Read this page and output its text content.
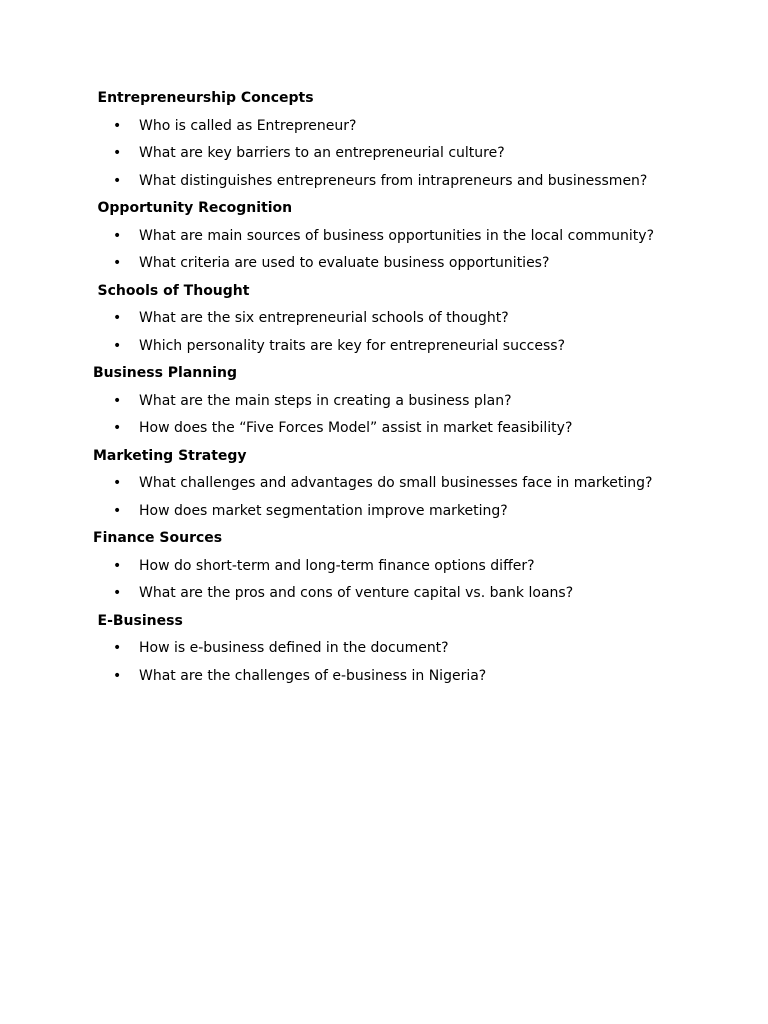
Entrepreneurship Concepts
• Who is called as Entrepreneur?
• What are key barriers to an entrepreneurial culture?
• What distinguishes entrepreneurs from intrapreneurs and businessmen?
Opportunity Recognition
• What are main sources of business opportunities in the local community?
• What criteria are used to evaluate business opportunities?
Schools of Thought
• What are the six entrepreneurial schools of thought?
• Which personality traits are key for entrepreneurial success?
Business Planning
• What are the main steps in creating a business plan?
• How does the “Five Forces Model” assist in market feasibility?
Marketing Strategy
• What challenges and advantages do small businesses face in marketing?
• How does market segmentation improve marketing?
Finance Sources
• How do short-term and long-term finance options differ?
• What are the pros and cons of venture capital vs. bank loans?
E-Business
• How is e-business defined in the document?
• What are the challenges of e-business in Nigeria?
